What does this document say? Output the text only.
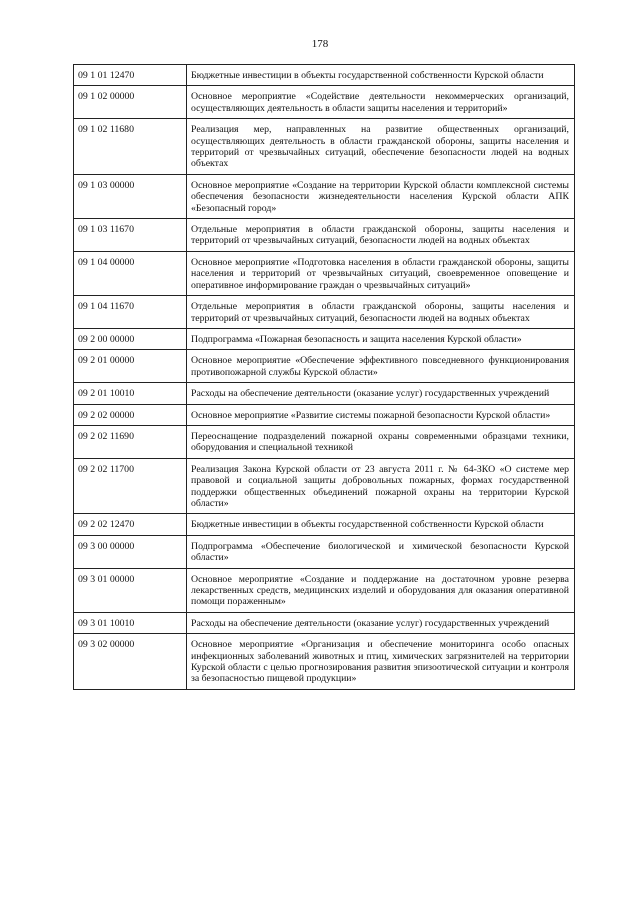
178
09 1 01 12470	Бюджетные инвестиции в объекты государственной собственности Курской области
09 1 02 00000	Основное мероприятие «Содействие деятельности некоммерческих организаций, осуществляющих деятельность в области защиты населения и территорий»
09 1 02 11680	Реализация мер, направленных на развитие общественных организаций, осуществляющих деятельность в области гражданской обороны, защиты населения и территорий от чрезвычайных ситуаций, обеспечение безопасности людей на водных объектах
09 1 03 00000	Основное мероприятие «Создание на территории Курской области комплексной системы обеспечения безопасности жизнедеятельности населения Курской области АПК «Безопасный город»
09 1 03 11670	Отдельные мероприятия в области гражданской обороны, защиты населения и территорий от чрезвычайных ситуаций, безопасности людей на водных объектах
09 1 04 00000	Основное мероприятие «Подготовка населения в области гражданской обороны, защиты населения и территорий от чрезвычайных ситуаций, своевременное оповещение и оперативное информирование граждан о чрезвычайных ситуаций»
09 1 04 11670	Отдельные мероприятия в области гражданской обороны, защиты населения и территорий от чрезвычайных ситуаций, безопасности людей на водных объектах
09 2 00 00000	Подпрограмма «Пожарная безопасность и защита населения Курской области»
09 2 01 00000	Основное мероприятие «Обеспечение эффективного повседневного функционирования противопожарной службы Курской области»
09 2 01 10010	Расходы на обеспечение деятельности (оказание услуг) государственных учреждений
09 2 02 00000	Основное мероприятие «Развитие системы пожарной безопасности Курской области»
09 2 02 11690	Переоснащение подразделений пожарной охраны современными образцами техники, оборудования и специальной техникой
09 2 02 11700	Реализация Закона Курской области от 23 августа 2011 г. № 64-ЗКО «О системе мер правовой и социальной защиты добровольных пожарных, формах государственной поддержки общественных объединений пожарной охраны на территории Курской области»
09 2 02 12470	Бюджетные инвестиции в объекты государственной собственности Курской области
09 3 00 00000	Подпрограмма «Обеспечение биологической и химической безопасности Курской области»
09 3 01 00000	Основное мероприятие «Создание и поддержание на достаточном уровне резерва лекарственных средств, медицинских изделий и оборудования для оказания оперативной помощи пораженным»
09 3 01 10010	Расходы на обеспечение деятельности (оказание услуг) государственных учреждений
09 3 02 00000	Основное мероприятие «Организация и обеспечение мониторинга особо опасных инфекционных заболеваний животных и птиц, химических загрязнителей на территории Курской области с целью прогнозирования развития эпизоотической ситуации и контроля за безопасностью пищевой продукции»
